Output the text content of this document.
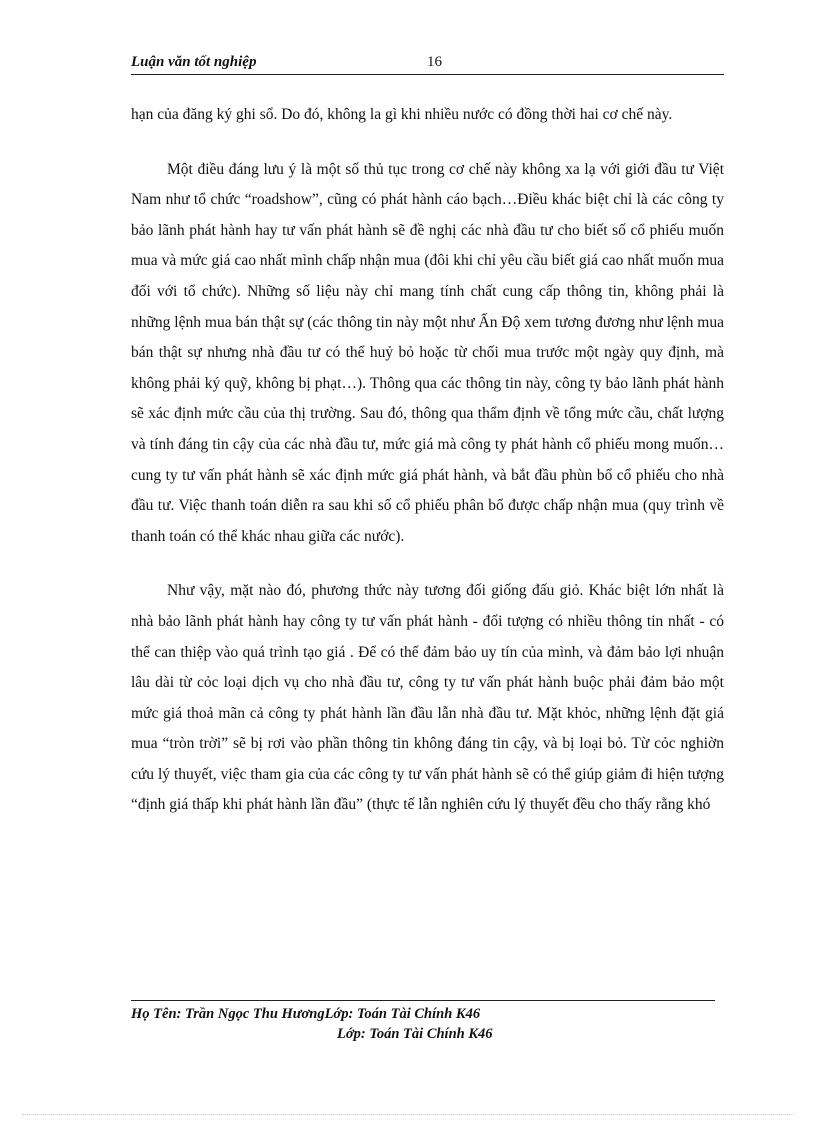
Luận văn tốt nghiệp	16

hạn của đăng ký ghi sổ. Do đó, không la gì khi nhiều nước có đồng thời hai cơ chế này.

Một điều đáng lưu ý là một số thủ tục trong cơ chế này không xa lạ với giới đầu tư Việt Nam như tổ chức “roadshow”, cũng có phát hành cáo bạch…Điều khác biệt chỉ là các công ty bảo lãnh phát hành hay tư vấn phát hành sẽ đề nghị các nhà đầu tư cho biết số cổ phiếu muốn mua và mức giá cao nhất mình chấp nhận mua (đôi khi chỉ yêu cầu biết giá cao nhất muốn mua đối với tổ chức). Những số liệu này chỉ mang tính chất cung cấp thông tin, không phải là những lệnh mua bán thật sự (các thông tin này một như Ấn Độ xem tương đương như lệnh mua bán thật sự nhưng nhà đầu tư có thể huỷ bỏ hoặc từ chối mua trước một ngày quy định, mà không phải ký quỹ, không bị phạt…). Thông qua các thông tin này, công ty bảo lãnh phát hành sẽ xác định mức cầu của thị trường. Sau đó, thông qua thẩm định về tổng mức cầu, chất lượng và tính đáng tin cậy của các nhà đầu tư, mức giá mà công ty phát hành cổ phiếu mong muốn…cung ty tư vấn phát hành sẽ xác định mức giá phát hành, và bắt đầu phùn bổ cổ phiếu cho nhà đầu tư. Việc thanh toán diễn ra sau khi số cổ phiếu phân bổ được chấp nhận mua (quy trình về thanh toán có thể khác nhau giữa các nước).

Như vậy, mặt nào đó, phương thức này tương đối giống đấu giỏ. Khác biệt lớn nhất là nhà bảo lãnh phát hành hay công ty tư vấn phát hành - đối tượng có nhiều thông tin nhất - có thể can thiệp vào quá trình tạo giá . Để có thể đảm bảo uy tín của mình, và đảm bảo lợi nhuận lâu dài từ cỏc loại dịch vụ cho nhà đầu tư, công ty tư vấn phát hành buộc phải đảm bảo một mức giá thoả mãn cả công ty phát hành lần đầu lẫn nhà đầu tư. Mặt khỏc, những lệnh đặt giá mua “tròn trời” sẽ bị rơi vào phần thông tin không đáng tin cậy, và bị loại bỏ. Từ cỏc nghiờn cứu lý thuyết, việc tham gia của các công ty tư vấn phát hành sẽ có thể giúp giảm đi hiện tượng “định giá thấp khi phát hành lần đầu” (thực tế lẫn nghiên cứu lý thuyết đều cho thấy rằng khó

Họ Tên: Trần Ngọc Thu HươngLớp: Toán Tài Chính K46
Lớp: Toán Tài Chính K46
